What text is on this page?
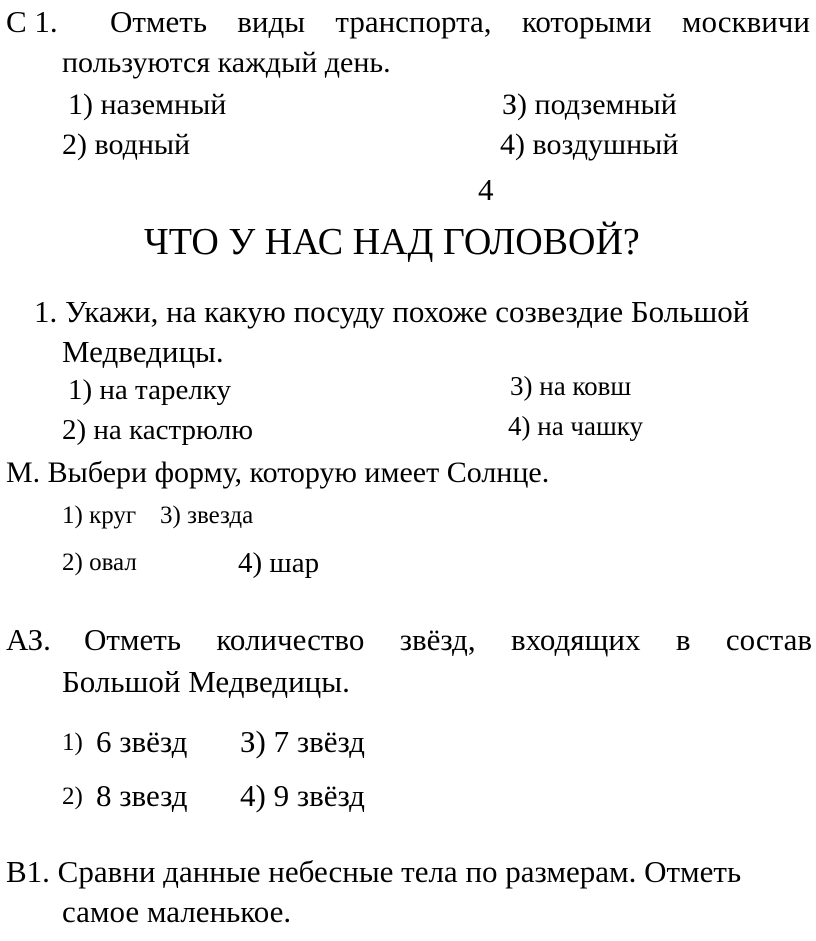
С 1. Отметь виды транспорта, которыми москвичи
пользуются каждый день.
1) наземный	З) подземный
2) водный	4) воздушный
4
ЧТО У НАС НАД ГОЛОВОЙ?
1. Укажи, на какую посуду похоже созвездие Большой
Медведицы.
1) на тарелку	3) на ковш
2) на кастрюлю	4) на чашку
М. Выбери форму, которую имеет Солнце.
1) круг 3) звезда
2) овал	4) шар
АЗ. Отметь количество звёзд, входящих в состав
Большой Медведицы.
1) 6 звёзд З) 7 звёзд
2) 8 звезд 4) 9 звёзд
В1. Сравни данные небесные тела по размерам. Отметь
самое маленькое.
